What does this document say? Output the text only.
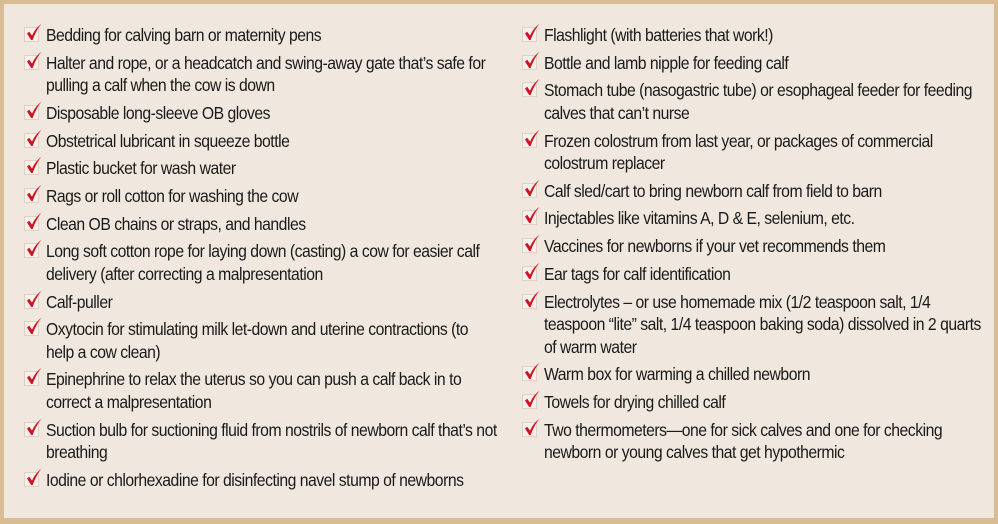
Bedding for calving barn or maternity pens
Halter and rope, or a headcatch and swing-away gate that’s safe for pulling a calf when the cow is down
Disposable long-sleeve OB gloves
Obstetrical lubricant in squeeze bottle
Plastic bucket for wash water
Rags or roll cotton for washing the cow
Clean OB chains or straps, and handles
Long soft cotton rope for laying down (casting) a cow for easier calf delivery (after correcting a malpresentation
Calf-puller
Oxytocin for stimulating milk let-down and uterine contractions (to help a cow clean)
Epinephrine to relax the uterus so you can push a calf back in to correct a malpresentation
Suction bulb for suctioning fluid from nostrils of newborn calf that’s not breathing
Iodine or chlorhexadine for disinfecting navel stump of newborns
Flashlight (with batteries that work!)
Bottle and lamb nipple for feeding calf
Stomach tube (nasogastric tube) or esophageal feeder for feeding calves that can’t nurse
Frozen colostrum from last year, or packages of commercial colostrum replacer
Calf sled/cart to bring newborn calf from field to barn
Injectables like vitamins A, D & E, selenium, etc.
Vaccines for newborns if your vet recommends them
Ear tags for calf identification
Electrolytes – or use homemade mix (1/2 teaspoon salt, 1/4 teaspoon “lite” salt, 1/4 teaspoon baking soda) dissolved in 2 quarts of warm water
Warm box for warming a chilled newborn
Towels for drying chilled calf
Two thermometers—one for sick calves and one for checking newborn or young calves that get hypothermic
